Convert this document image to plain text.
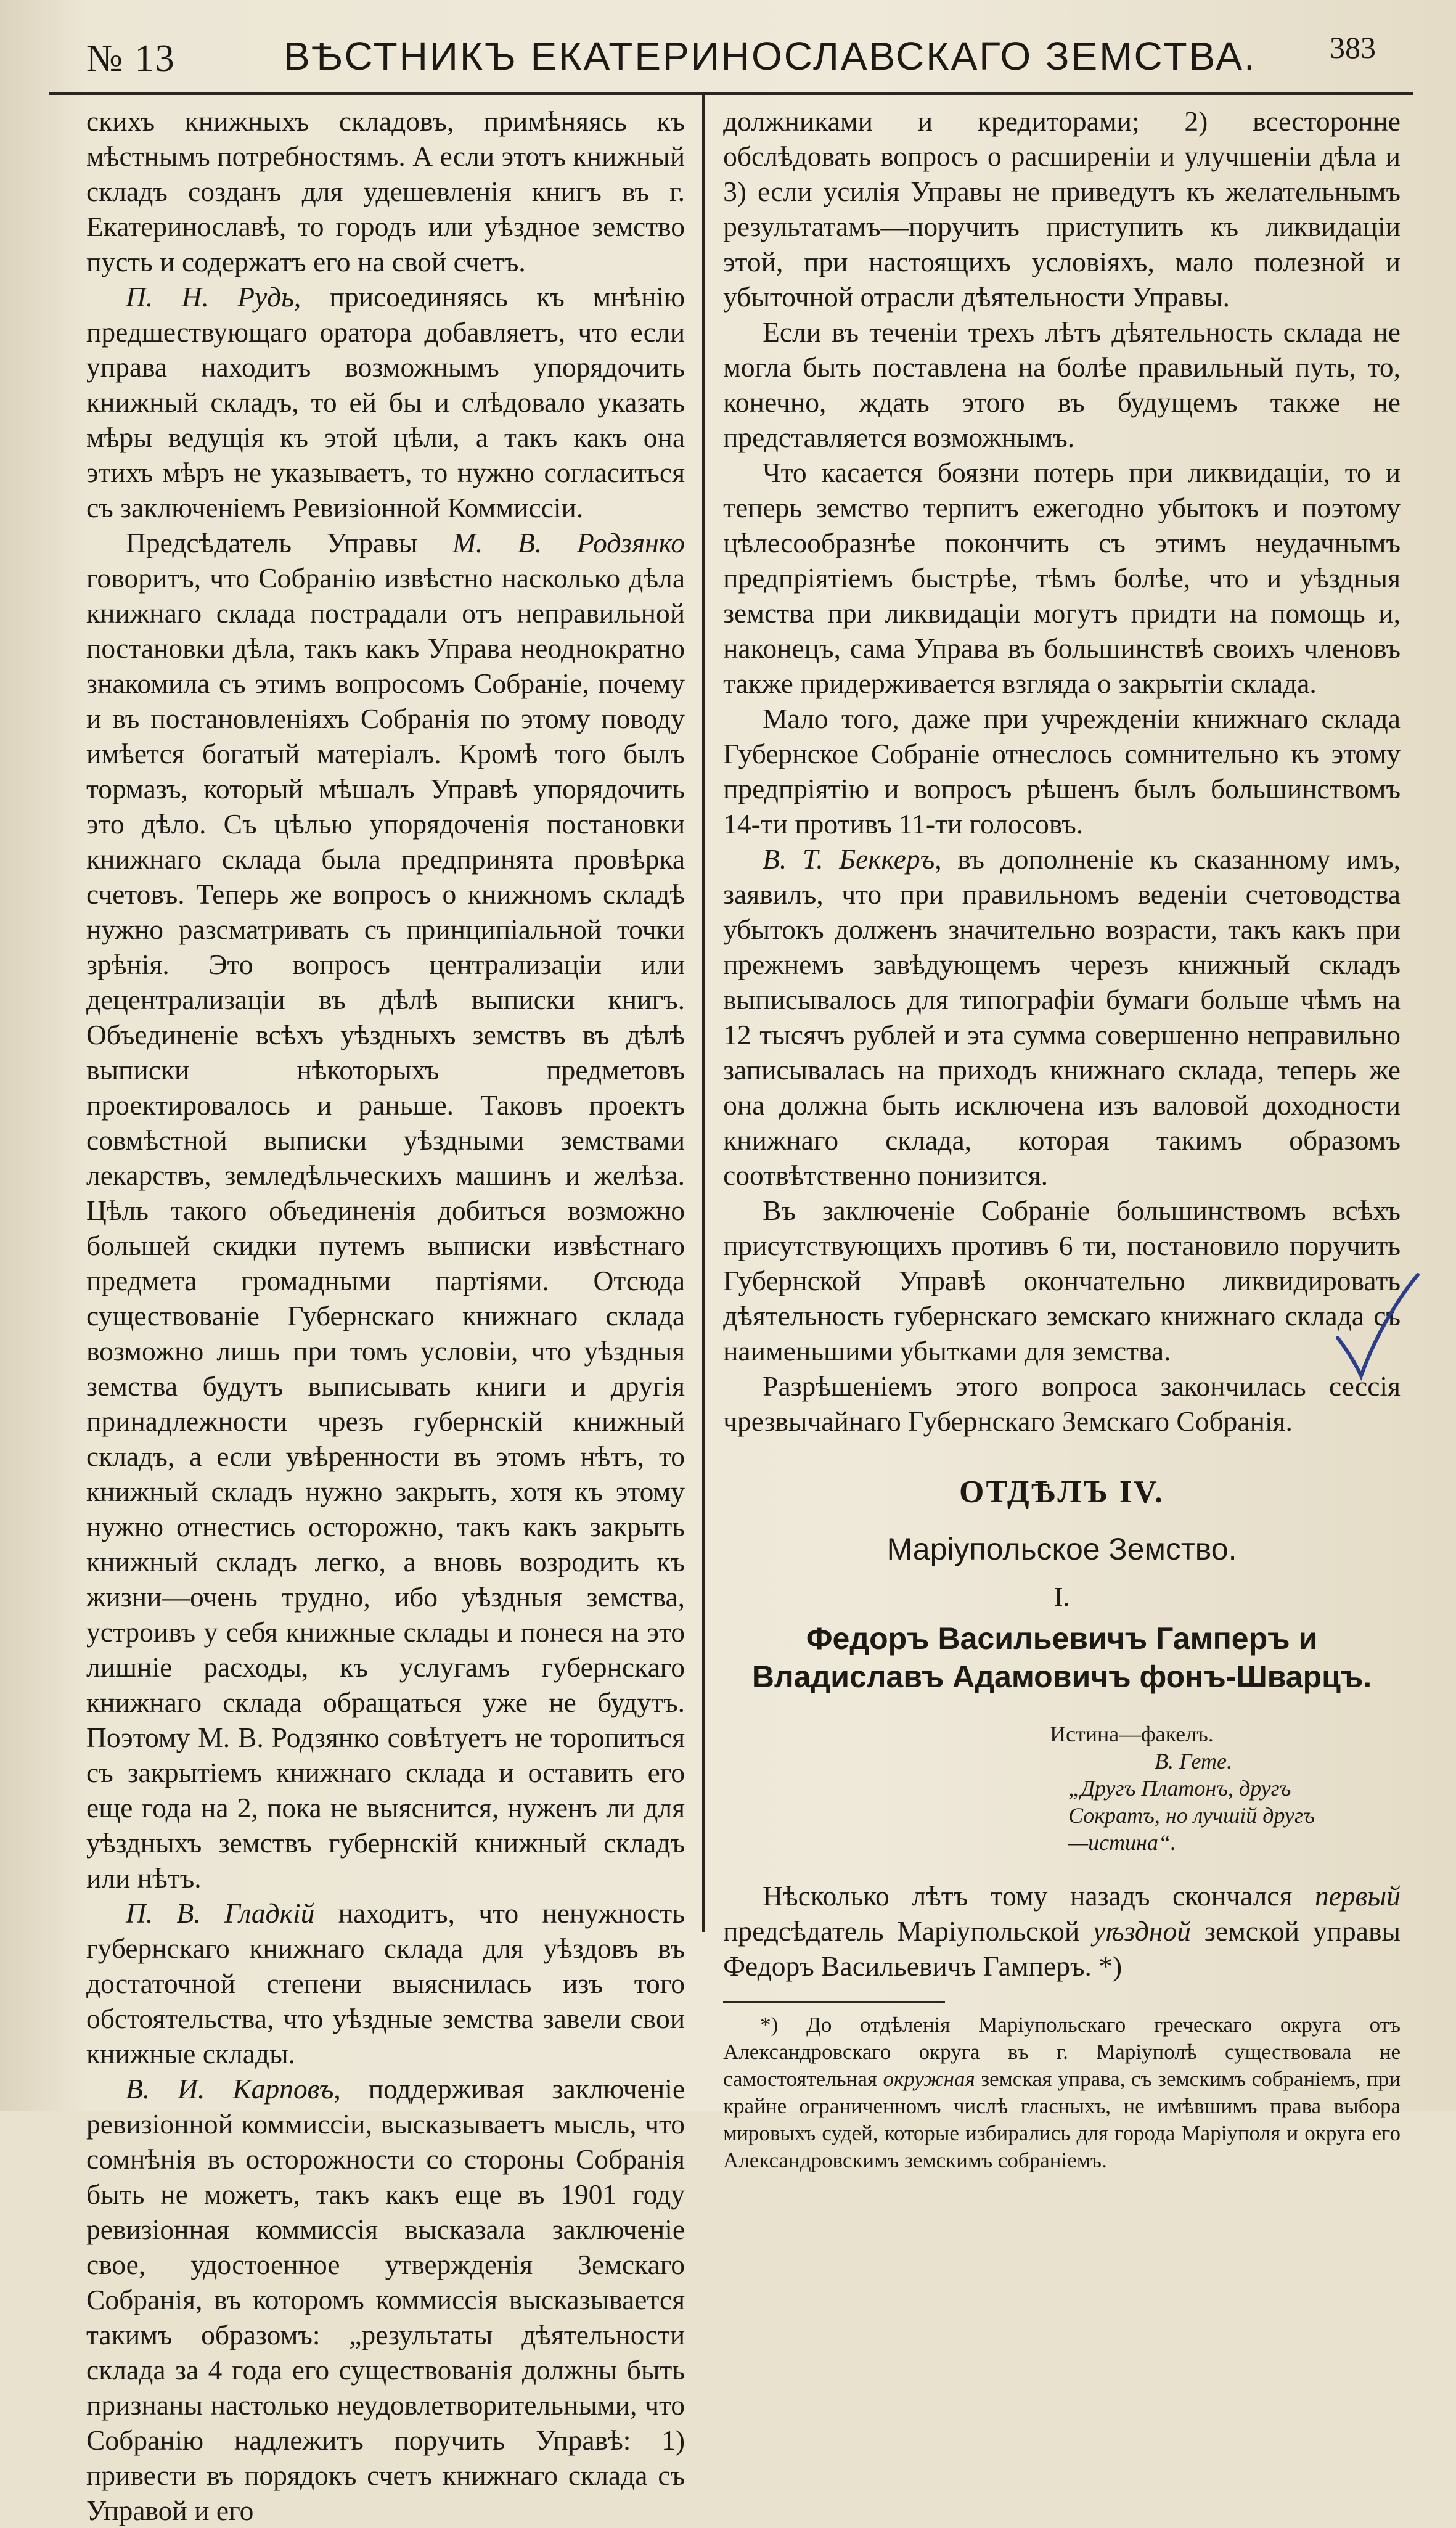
№ 13	ВѢСТНИКЪ ЕКАТЕРИНОСЛАВСКАГО ЗЕМСТВА. 383

скихъ книжныхъ складовъ, примѣняясь къ мѣстнымъ потребностямъ. А если этотъ книжный складъ созданъ для удешевленія книгъ въ г. Екатеринославѣ, то городъ или уѣздное земство пусть и содержатъ его на свой счетъ.

П. Н. Рудь, присоединяясь къ мнѣнію предшествующаго оратора добавляетъ, что если управа находитъ возможнымъ упорядочить книжный складъ, то ей бы и слѣдовало указать мѣры ведущія къ этой цѣли, а такъ какъ она этихъ мѣръ не указываетъ, то нужно согласиться съ заключеніемъ Ревизіонной Коммиссіи.

Предсѣдатель Управы М. В. Родзянко говоритъ, что Собранію извѣстно насколько дѣла книжнаго склада пострадали отъ неправильной постановки дѣла, такъ какъ Управа неоднократно знакомила съ этимъ вопросомъ Собраніе, почему и въ постановленіяхъ Собранія по этому поводу имѣется богатый матеріалъ. Кромѣ того былъ тормазъ, который мѣшалъ Управѣ упорядочить это дѣло. Съ цѣлью упорядоченія постановки книжнаго склада была предпринята провѣрка счетовъ. Теперь же вопросъ о книжномъ складѣ нужно разсматривать съ принципіальной точки зрѣнія. Это вопросъ централизаціи или децентрализаціи въ дѣлѣ выписки книгъ. Объединеніе всѣхъ уѣздныхъ земствъ въ дѣлѣ выписки нѣкоторыхъ предметовъ проектировалось и раньше. Таковъ проектъ совмѣстной выписки уѣздными земствами лекарствъ, земледѣльческихъ машинъ и желѣза. Цѣль такого объединенія добиться возможно большей скидки путемъ выписки извѣстнаго предмета громадными партіями. Отсюда существованіе Губернскаго книжнаго склада возможно лишь при томъ условіи, что уѣздныя земства будутъ выписывать книги и другія принадлежности чрезъ губернскій книжный складъ, а если увѣренности въ этомъ нѣтъ, то книжный складъ нужно закрыть, хотя къ этому нужно отнестись осторожно, такъ какъ закрыть книжный складъ легко, а вновь возродить къ жизни—очень трудно, ибо уѣздныя земства, устроивъ у себя книжные склады и понеся на это лишніе расходы, къ услугамъ губернскаго книжнаго склада обращаться уже не будутъ. Поэтому М. В. Родзянко совѣтуетъ не торопиться съ закрытіемъ книжнаго склада и оставить его еще года на 2, пока не выяснится, нуженъ ли для уѣздныхъ земствъ губернскій книжный складъ или нѣтъ.

П. В. Гладкій находитъ, что ненужность губернскаго книжнаго склада для уѣздовъ въ достаточной степени выяснилась изъ того обстоятельства, что уѣздные земства завели свои книжные склады.

В. И. Карповъ, поддерживая заключеніе ревизіонной коммиссіи, высказываетъ мысль, что сомнѣнія въ осторожности со стороны Собранія быть не можетъ, такъ какъ еще въ 1901 году ревизіонная коммиссія высказала заключеніе свое, удостоенное утвержденія Земскаго Собранія, въ которомъ коммиссія высказывается такимъ образомъ: „результаты дѣятельности склада за 4 года его существованія должны быть признаны настолько неудовлетворительными, что Собранію надлежитъ поручить Управѣ: 1) привести въ порядокъ счетъ книжнаго склада съ Управой и его

должниками и кредиторами; 2) всесторонне обслѣдовать вопросъ о расширеніи и улучшеніи дѣла и 3) если усилія Управы не приведутъ къ желательнымъ результатамъ—поручить приступить къ ликвидаціи этой, при настоящихъ условіяхъ, мало полезной и убыточной отрасли дѣятельности Управы.

Если въ теченіи трехъ лѣтъ дѣятельность склада не могла быть поставлена на болѣе правильный путь, то, конечно, ждать этого въ будущемъ также не представляется возможнымъ.

Что касается боязни потерь при ликвидаціи, то и теперь земство терпитъ ежегодно убытокъ и поэтому цѣлесообразнѣе покончить съ этимъ неудачнымъ предпріятіемъ быстрѣе, тѣмъ болѣе, что и уѣздныя земства при ликвидаціи могутъ придти на помощь и, наконецъ, сама Управа въ большинствѣ своихъ членовъ также придерживается взгляда о закрытіи склада.

Мало того, даже при учрежденіи книжнаго склада Губернское Собраніе отнеслось сомнительно къ этому предпріятію и вопросъ рѣшенъ былъ большинствомъ 14-ти противъ 11-ти голосовъ.

В. Т. Беккеръ, въ дополненіе къ сказанному имъ, заявилъ, что при правильномъ веденіи счетоводства убытокъ долженъ значительно возрасти, такъ какъ при прежнемъ завѣдующемъ черезъ книжный складъ выписывалось для типографіи бумаги больше чѣмъ на 12 тысячъ рублей и эта сумма совершенно неправильно записывалась на приходъ книжнаго склада, теперь же она должна быть исключена изъ валовой доходности книжнаго склада, которая такимъ образомъ соотвѣтственно понизится.

Въ заключеніе Собраніе большинствомъ всѣхъ присутствующихъ противъ 6 ти, постановило поручить Губернской Управѣ окончательно ликвидировать дѣятельность губернскаго земскаго книжнаго склада съ наименьшими убытками для земства.

Разрѣшеніемъ этого вопроса закончилась сессія чрезвычайнаго Губернскаго Земскаго Собранія.

ОТДѢЛЪ IV.
Маріупольское Земство.
I.
Федоръ Васильевичъ Гамперъ и Владиславъ Адамовичъ фонъ-Шварцъ.
Истина—факелъ.
В. Гете.
„Другъ Платонъ, другъ
Сократъ, но лучшій другъ
—истина“.

Нѣсколько лѣтъ тому назадъ скончался первый предсѣдатель Маріупольской уѣздной земской управы Федоръ Васильевичъ Гамперъ. *)

*) До отдѣленія Маріупольскаго греческаго округа отъ Александровскаго округа въ г. Маріуполѣ существовала не самостоятельная окружная земская управа, съ земскимъ собраніемъ, при крайне ограниченномъ числѣ гласныхъ, не имѣвшимъ права выбора мировыхъ судей, которые избирались для города Маріуполя и округа его Александровскимъ земскимъ собраніемъ.
